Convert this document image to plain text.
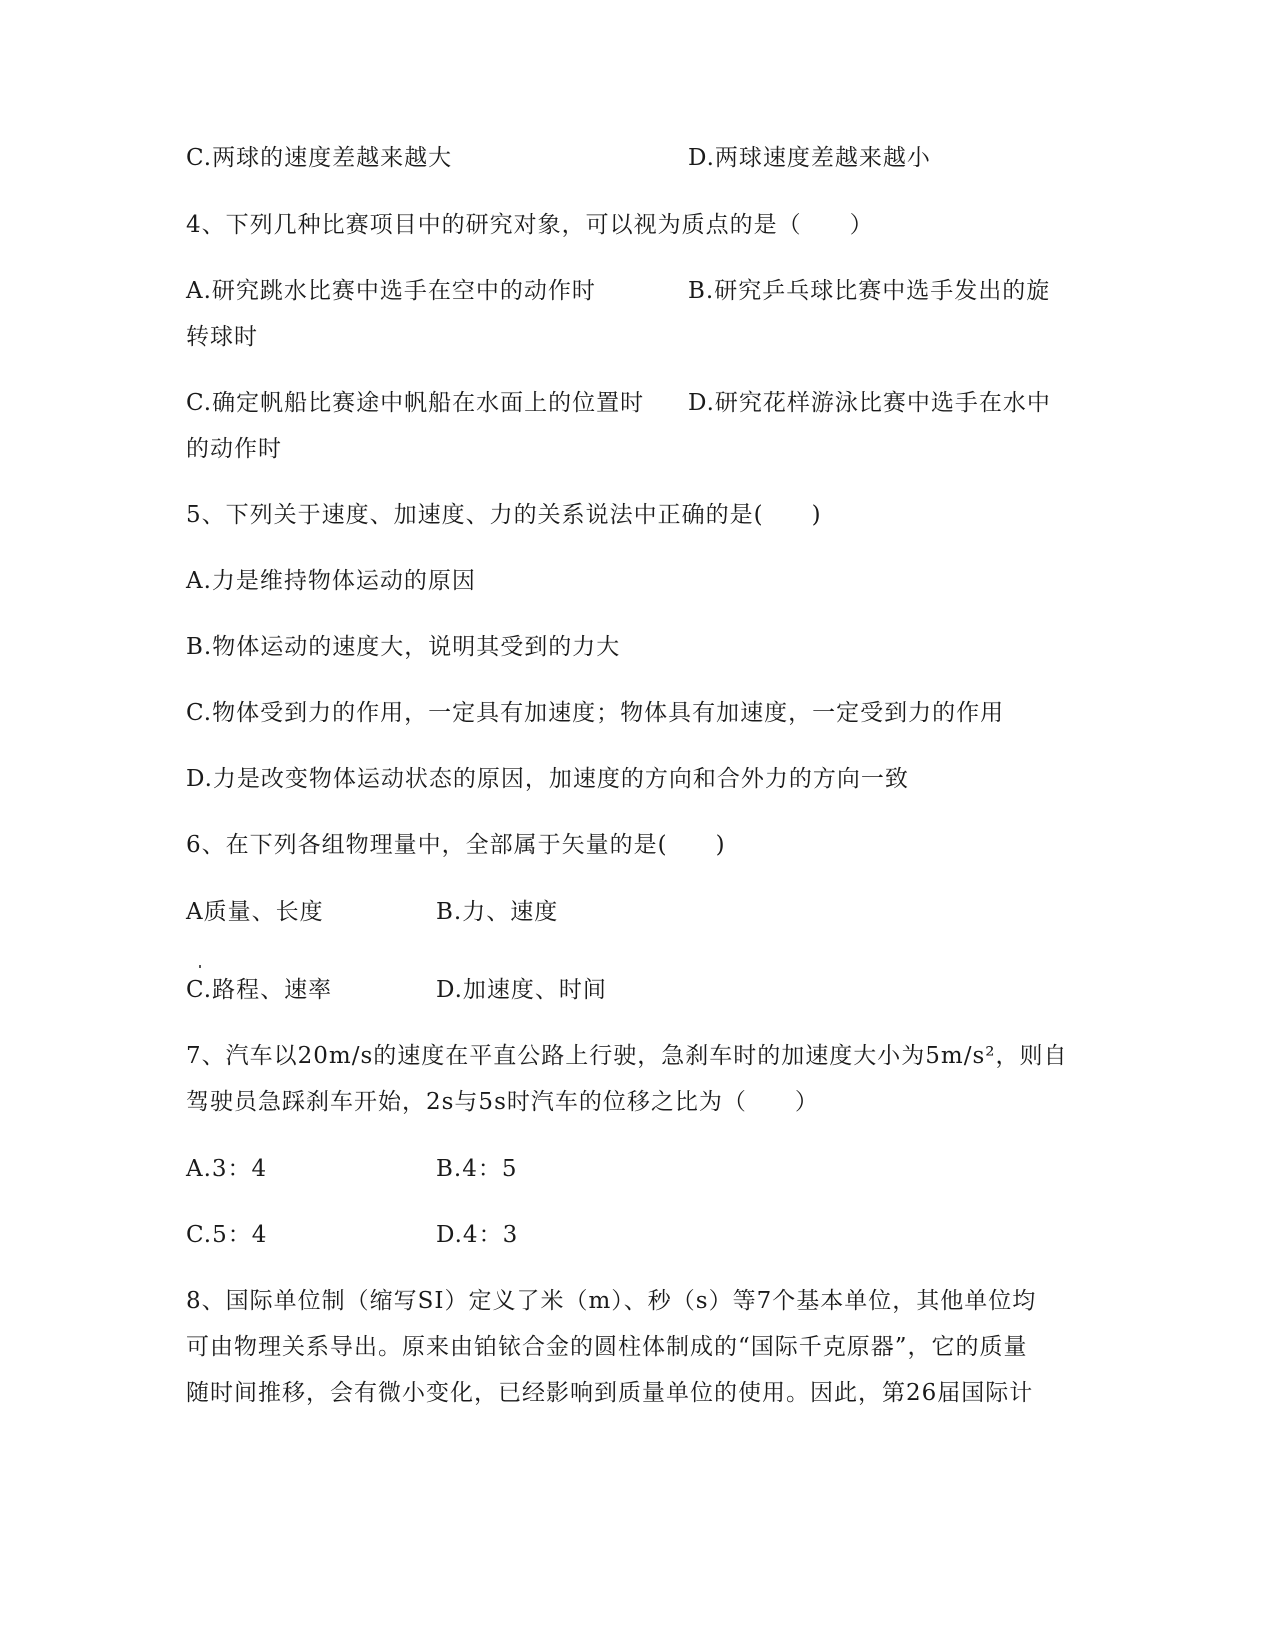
C.两球的速度差越来越大	D.两球速度差越来越小
4、下列几种比赛项目中的研究对象，可以视为质点的是（　　）
A.研究跳水比赛中选手在空中的动作时	B.研究乒乓球比赛中选手发出的旋
转球时
C.确定帆船比赛途中帆船在水面上的位置时 D.研究花样游泳比赛中选手在水中
的动作时
5、下列关于速度、加速度、力的关系说法中正确的是(　　)
A.力是维持物体运动的原因
B.物体运动的速度大，说明其受到的力大
C.物体受到力的作用，一定具有加速度；物体具有加速度，一定受到力的作用
D.力是改变物体运动状态的原因，加速度的方向和合外力的方向一致
6、在下列各组物理量中，全部属于矢量的是(　　)
A质量、长度	B.力、速度
C.路程、速率	D.加速度、时间
7、汽车以20m/s的速度在平直公路上行驶，急刹车时的加速度大小为5m/s²，则自
驾驶员急踩刹车开始，2s与5s时汽车的位移之比为（　　）
A.3：4	B.4：5
C.5：4	D.4：3
8、国际单位制（缩写SI）定义了米（m）、秒（s）等7个基本单位，其他单位均
可由物理关系导出。原来由铂铱合金的圆柱体制成的“国际千克原器”，它的质量
随时间推移，会有微小变化，已经影响到质量单位的使用。因此，第26届国际计
